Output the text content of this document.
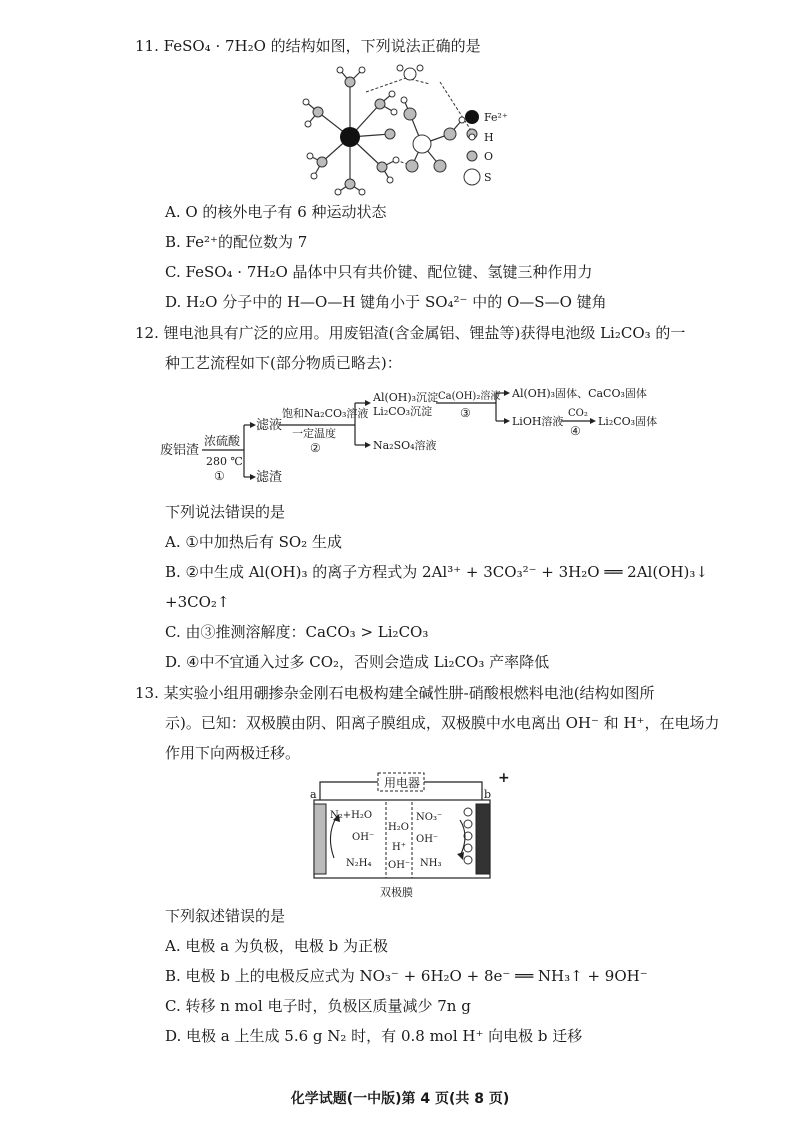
11. FeSO₄ · 7H₂O 的结构如图，下列说法正确的是
Fe²⁺
H
O
S
A. O 的核外电子有 6 种运动状态
B. Fe²⁺的配位数为 7
C. FeSO₄ · 7H₂O 晶体中只有共价键、配位键、氢键三种作用力
D. H₂O 分子中的 H—O—H 键角小于 SO₄²⁻ 中的 O—S—O 键角
12. 锂电池具有广泛的应用。用废铝渣(含金属铝、锂盐等)获得电池级 Li₂CO₃ 的一
种工艺流程如下(部分物质已略去)：
废铝渣
浓硫酸
280 ℃
①
滤液
滤渣
饱和Na₂CO₃溶液
一定温度
②
Al(OH)₃沉淀
Li₂CO₃沉淀
Na₂SO₄溶液
Ca(OH)₂溶液
③
Al(OH)₃固体、CaCO₃固体
LiOH溶液
CO₂
④
Li₂CO₃固体
下列说法错误的是
A. ①中加热后有 SO₂ 生成
B. ②中生成 Al(OH)₃ 的离子方程式为 2Al³⁺ + 3CO₃²⁻ + 3H₂O ══ 2Al(OH)₃↓
+3CO₂↑
C. 由③推测溶解度：CaCO₃ > Li₂CO₃
D. ④中不宜通入过多 CO₂，否则会造成 Li₂CO₃ 产率降低
13. 某实验小组用硼掺杂金刚石电极构建全碱性肼-硝酸根燃料电池(结构如图所
示)。已知：双极膜由阴、阳离子膜组成，双极膜中水电离出 OH⁻ 和 H⁺，在电场力
作用下向两极迁移。
用电器
a	b
+
N₂+H₂O
OH⁻
N₂H₄
H₂O
H⁺
OH⁻
NO₃⁻
OH⁻
NH₃
双极膜
下列叙述错误的是
A. 电极 a 为负极，电极 b 为正极
B. 电极 b 上的电极反应式为 NO₃⁻ + 6H₂O + 8e⁻ ══ NH₃↑ + 9OH⁻
C. 转移 n mol 电子时，负极区质量减少 7n g
D. 电极 a 上生成 5.6 g N₂ 时，有 0.8 mol H⁺ 向电极 b 迁移
化学试题(一中版)第 4 页(共 8 页)
